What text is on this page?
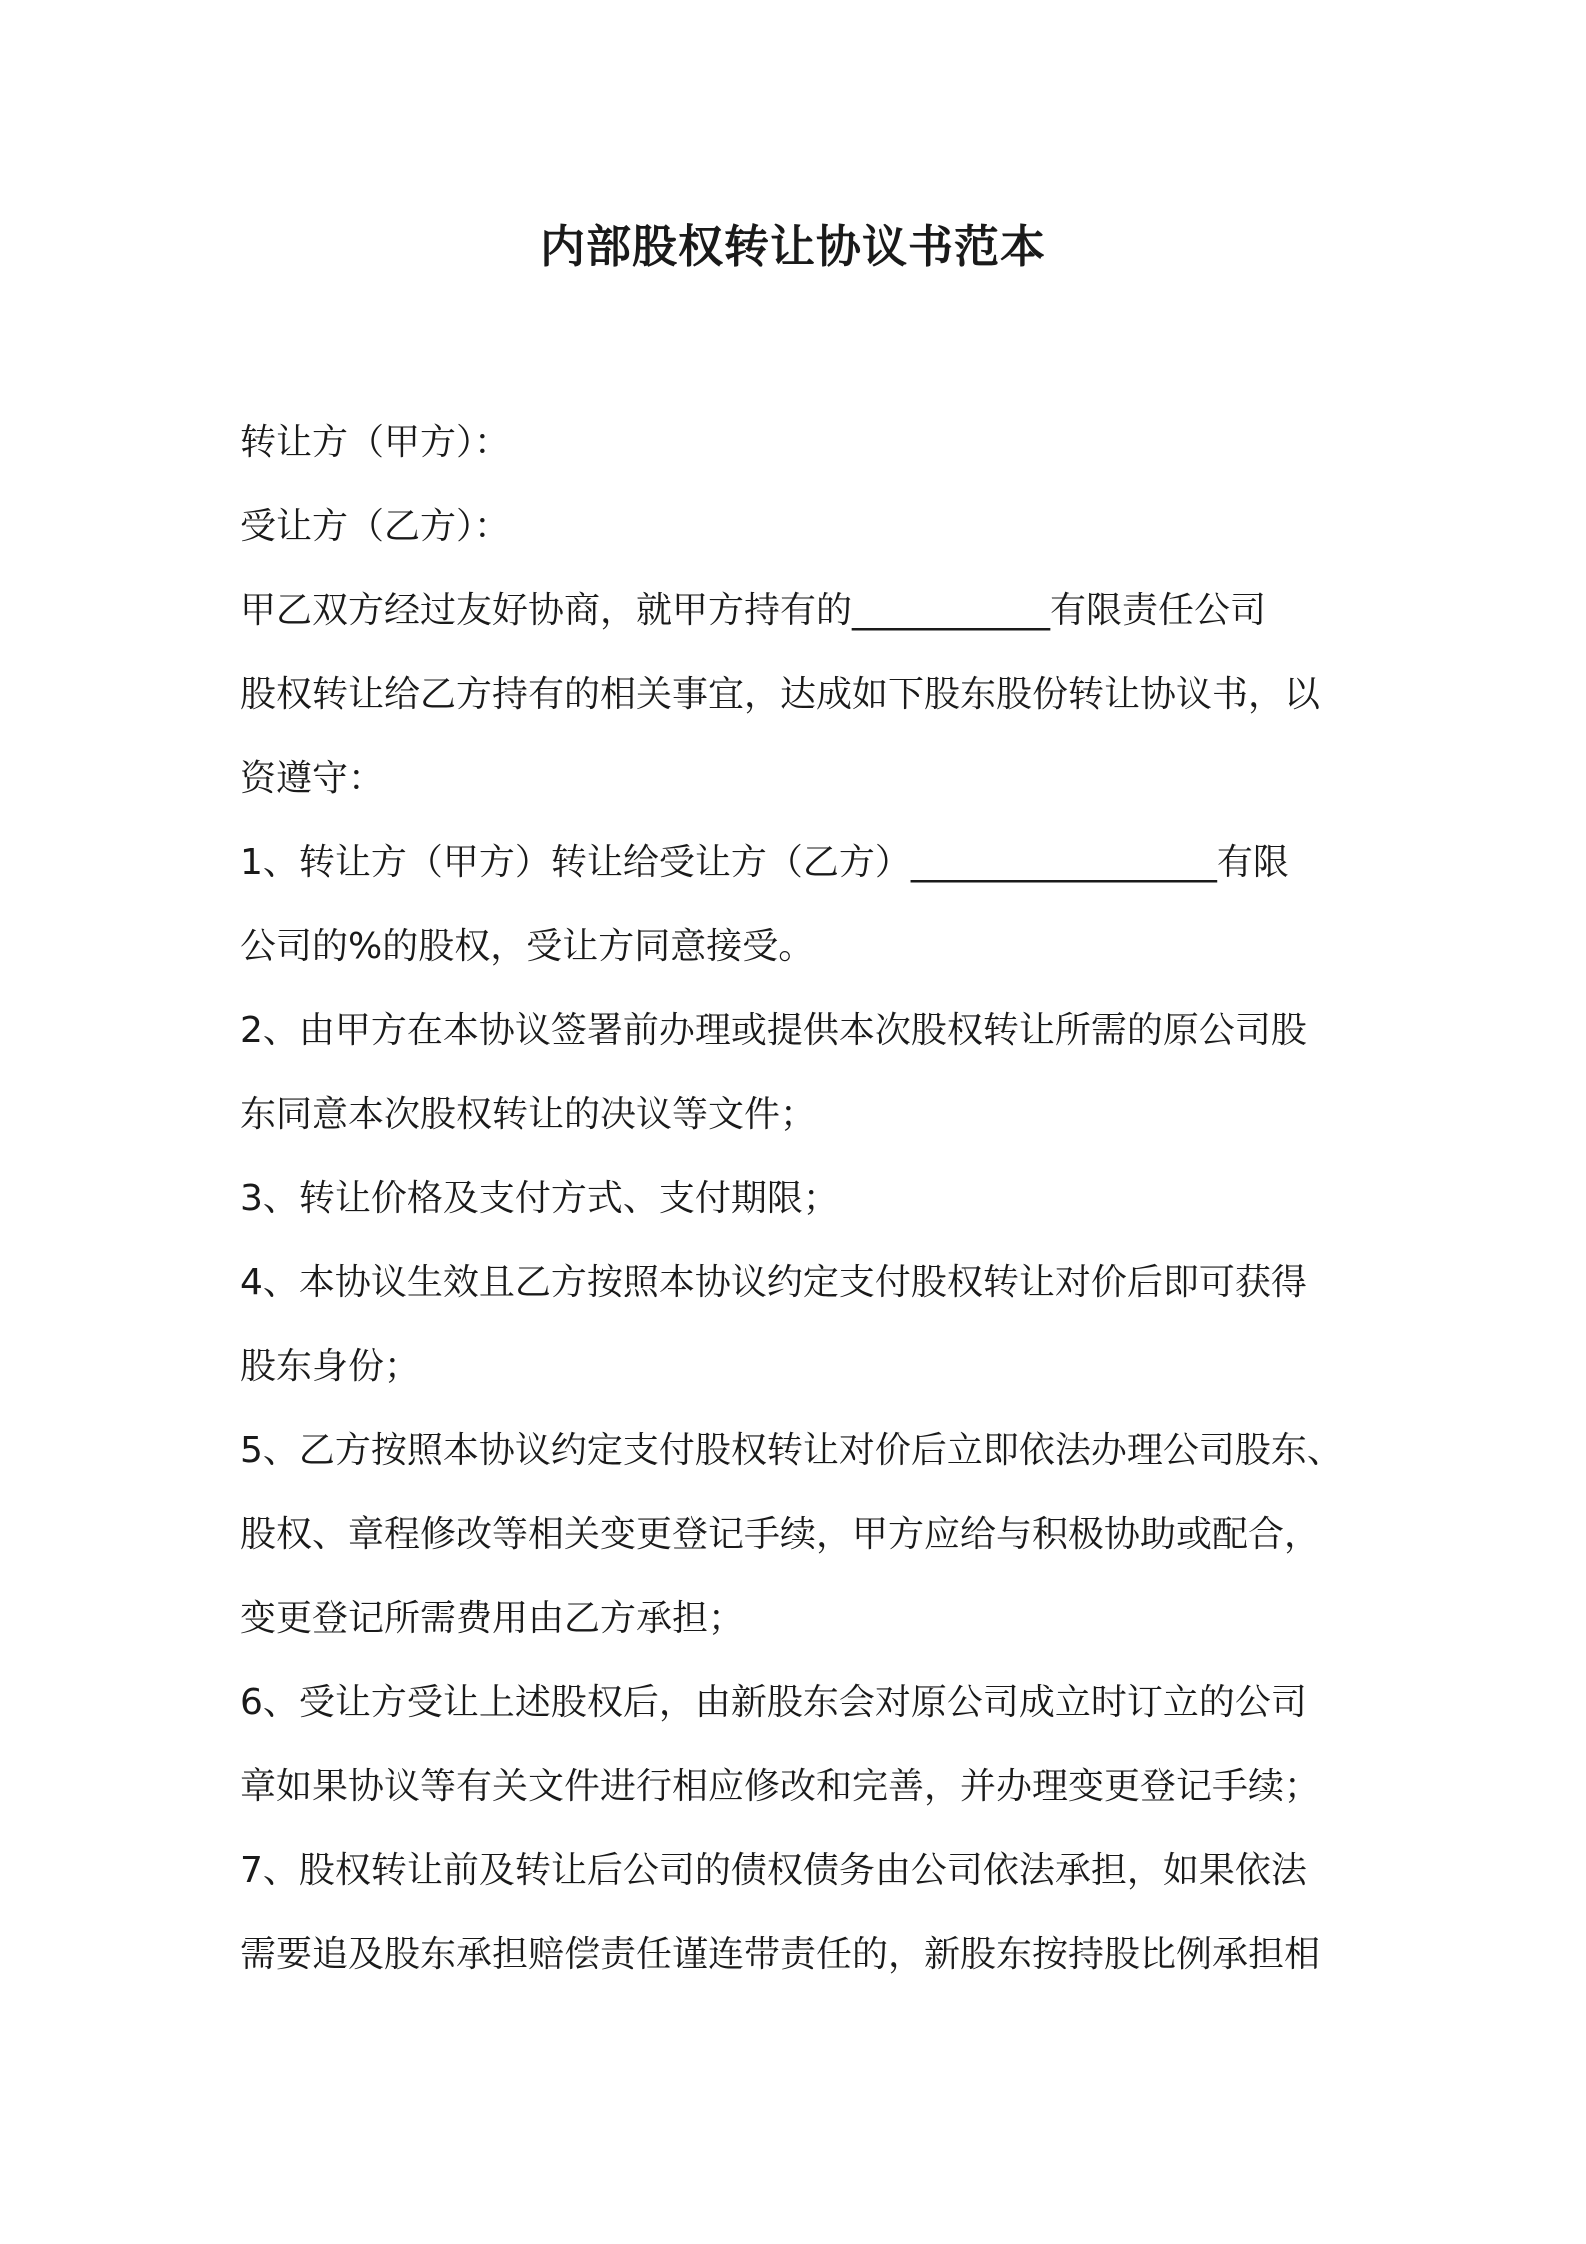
内部股权转让协议书范本
转让方（甲方）：
受让方（乙方）：
甲乙双方经过友好协商，就甲方持有的___________有限责任公司
股权转让给乙方持有的相关事宜，达成如下股东股份转让协议书，以
资遵守：
1、转让方（甲方）转让给受让方（乙方）_________________有限
公司的%的股权，受让方同意接受。
2、由甲方在本协议签署前办理或提供本次股权转让所需的原公司股
东同意本次股权转让的决议等文件；
3、转让价格及支付方式、支付期限；
4、本协议生效且乙方按照本协议约定支付股权转让对价后即可获得
股东身份；
5、乙方按照本协议约定支付股权转让对价后立即依法办理公司股东、
股权、章程修改等相关变更登记手续，甲方应给与积极协助或配合，
变更登记所需费用由乙方承担；
6、受让方受让上述股权后，由新股东会对原公司成立时订立的公司
章如果协议等有关文件进行相应修改和完善，并办理变更登记手续；
7、股权转让前及转让后公司的债权债务由公司依法承担，如果依法
需要追及股东承担赔偿责任谨连带责任的，新股东按持股比例承担相
